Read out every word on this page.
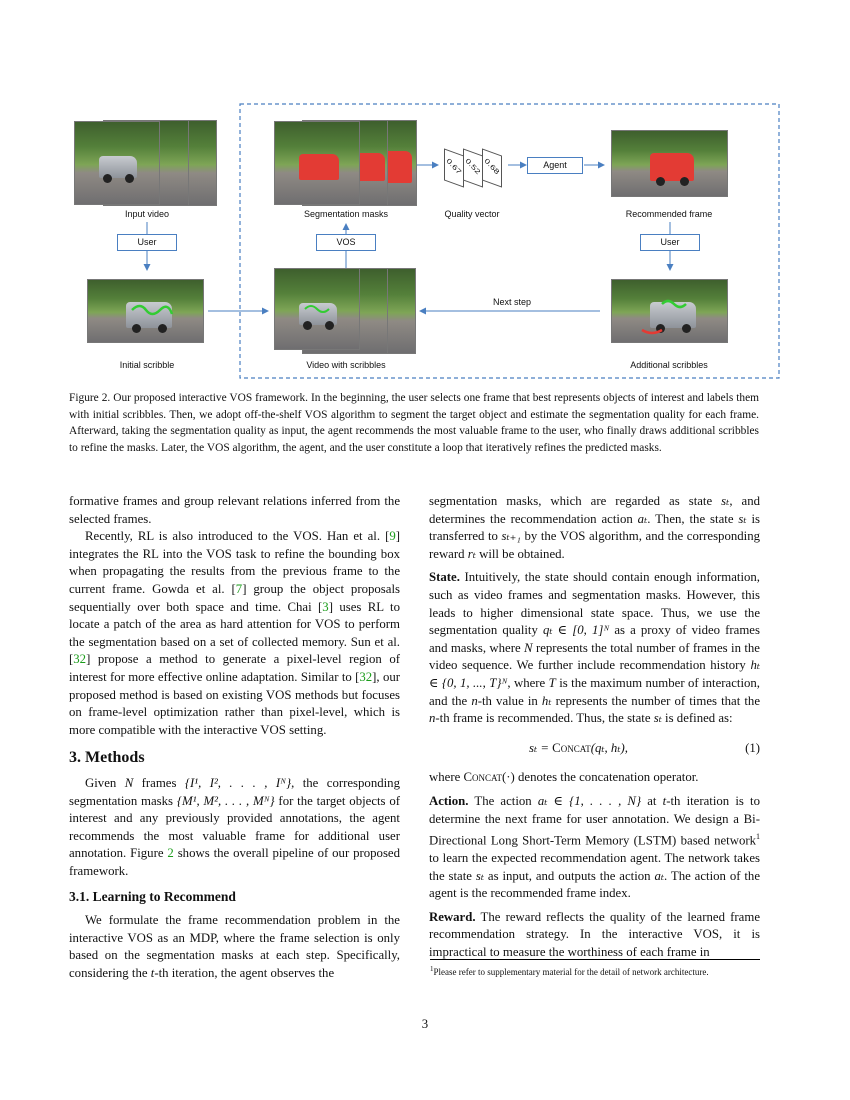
Input video
User
Initial scribble
Segmentation masks
VOS
Video with scribbles
0.67 0.52 0.68
Quality vector
Agent
Recommended frame
User
Additional scribbles
Next step
Figure 2. Our proposed interactive VOS framework. In the beginning, the user selects one frame that best represents objects of interest and labels them with initial scribbles. Then, we adopt off-the-shelf VOS algorithm to segment the target object and estimate the segmentation quality for each frame. Afterward, taking the segmentation quality as input, the agent recommends the most valuable frame to the user, who finally draws additional scribbles to refine the masks. Later, the VOS algorithm, the agent, and the user constitute a loop that iteratively refines the predicted masks.

formative frames and group relevant relations inferred from the selected frames.

Recently, RL is also introduced to the VOS. Han et al. [9] integrates the RL into the VOS task to refine the bounding box when propagating the results from the previous frame to the current frame. Gowda et al. [7] group the object proposals sequentially over both space and time. Chai [3] uses RL to locate a patch of the area as hard attention for VOS to perform the segmentation based on a set of collected memory. Sun et al. [32] propose a method to generate a pixel-level region of interest for more effective online adaptation. Similar to [32], our proposed method is based on existing VOS methods but focuses on frame-level optimization rather than pixel-level, which is more compatible with the interactive VOS setting.

3. Methods

Given N frames {I¹, I², . . . , Iᴺ}, the corresponding segmentation masks {M¹, M², . . . , Mᴺ} for the target objects of interest and any previously provided annotations, the agent recommends the most valuable frame for additional user annotation. Figure 2 shows the overall pipeline of our proposed framework.

3.1. Learning to Recommend

We formulate the frame recommendation problem in the interactive VOS as an MDP, where the frame selection is only based on the segmentation masks at each step. Specifically, considering the t-th iteration, the agent observes the

segmentation masks, which are regarded as state sₜ, and determines the recommendation action aₜ. Then, the state sₜ is transferred to sₜ₊₁ by the VOS algorithm, and the corresponding reward rₜ will be obtained.

State. Intuitively, the state should contain enough information, such as video frames and segmentation masks. However, this leads to higher dimensional state space. Thus, we use the segmentation quality qₜ ∈ [0, 1]ᴺ as a proxy of video frames and masks, where N represents the total number of frames in the video sequence. We further include recommendation history hₜ ∈ {0, 1, ..., T}ᴺ, where T is the maximum number of interaction, and the n-th value in hₜ represents the number of times that the n-th frame is recommended. Thus, the state sₜ is defined as:

sₜ = Concat(qₜ, hₜ),	(1)

where Concat(·) denotes the concatenation operator.

Action. The action aₜ ∈ {1, . . . , N} at t-th iteration is to determine the next frame for user annotation. We design a Bi-Directional Long Short-Term Memory (LSTM) based network$^1$ to learn the expected recommendation agent. The network takes the state sₜ as input, and outputs the action aₜ. The action of the agent is the recommended frame index.

Reward. The reward reflects the quality of the learned frame recommendation strategy. In the interactive VOS, it is impractical to measure the worthiness of each frame in

$^1$Please refer to supplementary material for the detail of network architecture.
3
